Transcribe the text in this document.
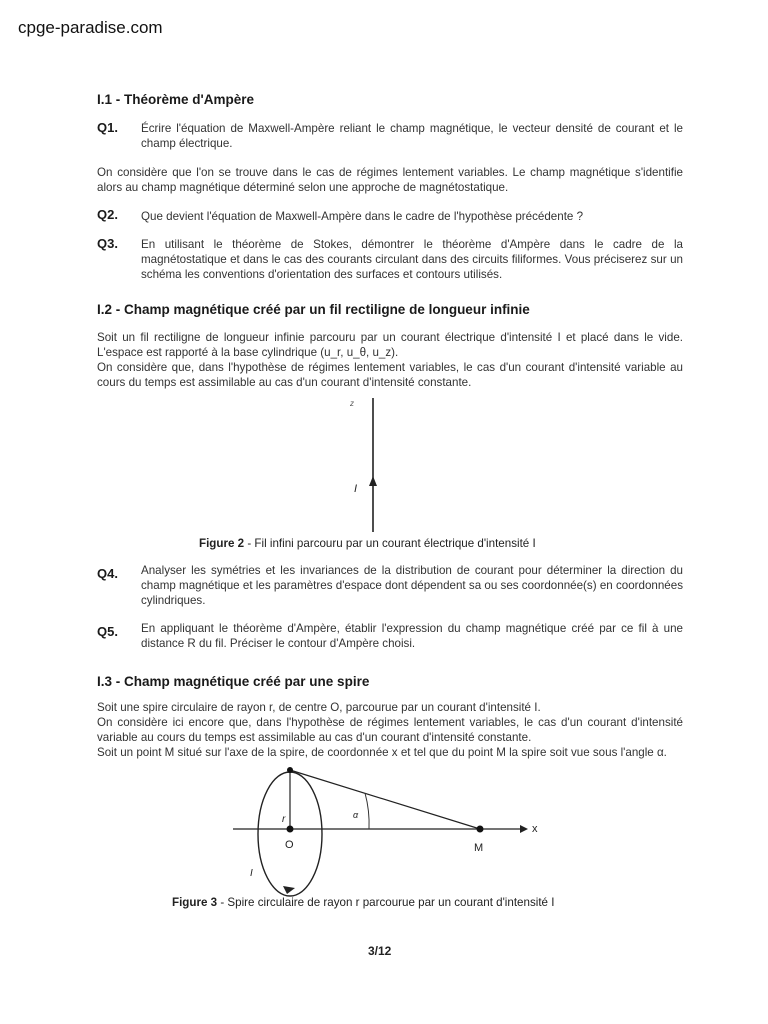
cpge-paradise.com
I.1 - Théorème d'Ampère
Q1. Écrire l'équation de Maxwell-Ampère reliant le champ magnétique, le vecteur densité de courant et le champ électrique.
On considère que l'on se trouve dans le cas de régimes lentement variables. Le champ magnétique s'identifie alors au champ magnétique déterminé selon une approche de magnétostatique.
Q2. Que devient l'équation de Maxwell-Ampère dans le cadre de l'hypothèse précédente ?
Q3. En utilisant le théorème de Stokes, démontrer le théorème d'Ampère dans le cadre de la magnétostatique et dans le cas des courants circulant dans des circuits filiformes. Vous préciserez sur un schéma les conventions d'orientation des surfaces et contours utilisés.
I.2 - Champ magnétique créé par un fil rectiligne de longueur infinie
Soit un fil rectiligne de longueur infinie parcouru par un courant électrique d'intensité I et placé dans le vide. L'espace est rapporté à la base cylindrique (u_r, u_θ, u_z).
On considère que, dans l'hypothèse de régimes lentement variables, le cas d'un courant d'intensité variable au cours du temps est assimilable au cas d'un courant d'intensité constante.
z
I
Figure 2 - Fil infini parcouru par un courant électrique d'intensité I
Q4. Analyser les symétries et les invariances de la distribution de courant pour déterminer la direction du champ magnétique et les paramètres d'espace dont dépendent sa ou ses coordonnée(s) en coordonnées cylindriques.
Q5. En appliquant le théorème d'Ampère, établir l'expression du champ magnétique créé par ce fil à une distance R du fil. Préciser le contour d'Ampère choisi.
I.3 - Champ magnétique créé par une spire
Soit une spire circulaire de rayon r, de centre O, parcourue par un courant d'intensité I.
On considère ici encore que, dans l'hypothèse de régimes lentement variables, le cas d'un courant d'intensité variable au cours du temps est assimilable au cas d'un courant d'intensité constante.
Soit un point M situé sur l'axe de la spire, de coordonnée x et tel que du point M la spire soit vue sous l'angle α.
r
O
α
M
x
I
Figure 3 - Spire circulaire de rayon r parcourue par un courant d'intensité I
3/12
